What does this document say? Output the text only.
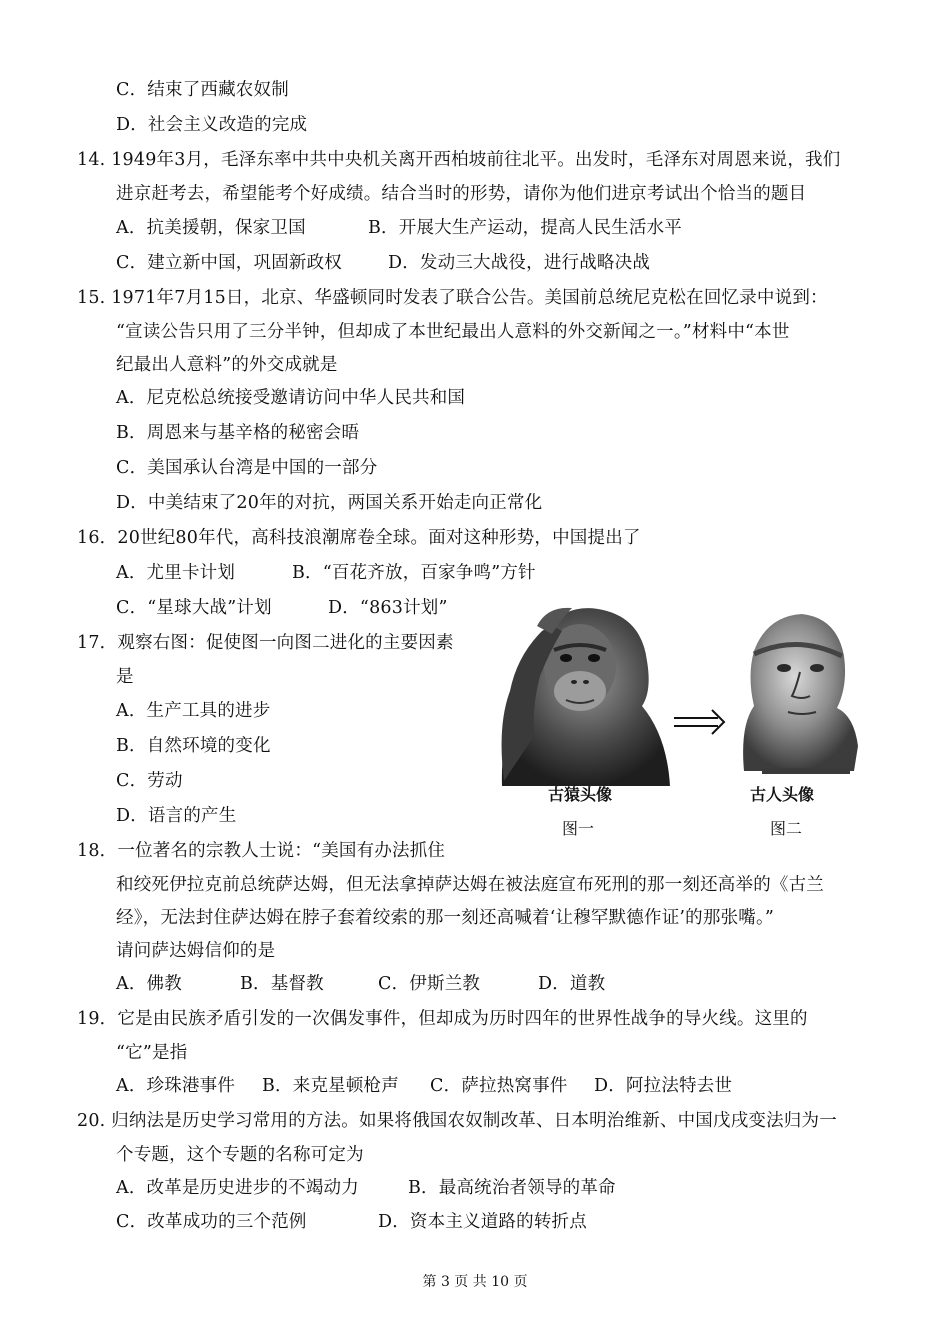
C．结束了西藏农奴制
D．社会主义改造的完成
14. 1949年3月，毛泽东率中共中央机关离开西柏坡前往北平。出发时，毛泽东对周恩来说，我们
进京赶考去，希望能考个好成绩。结合当时的形势，请你为他们进京考试出个恰当的题目
A．抗美援朝，保家卫国	B．开展大生产运动，提高人民生活水平
C．建立新中国，巩固新政权	D．发动三大战役，进行战略决战
15. 1971年7月15日，北京、华盛顿同时发表了联合公告。美国前总统尼克松在回忆录中说到：
“宣读公告只用了三分半钟，但却成了本世纪最出人意料的外交新闻之一。”材料中“本世
纪最出人意料”的外交成就是
A．尼克松总统接受邀请访问中华人民共和国
B．周恩来与基辛格的秘密会晤
C．美国承认台湾是中国的一部分
D．中美结束了20年的对抗，两国关系开始走向正常化
16．20世纪80年代，高科技浪潮席卷全球。面对这种形势，中国提出了
A．尤里卡计划	B．“百花齐放，百家争鸣”方针
C．“星球大战”计划	D．“863计划”
17．观察右图：促使图一向图二进化的主要因素
是
A．生产工具的进步
B．自然环境的变化
C．劳动
D．语言的产生
古猿头像	古人头像
图一	图二
18．一位著名的宗教人士说：“美国有办法抓住
和绞死伊拉克前总统萨达姆，但无法拿掉萨达姆在被法庭宣布死刑的那一刻还高举的《古兰
经》，无法封住萨达姆在脖子套着绞索的那一刻还高喊着‘让穆罕默德作证’的那张嘴。”
请问萨达姆信仰的是
A．佛教	B．基督教	C．伊斯兰教	D．道教
19．它是由民族矛盾引发的一次偶发事件，但却成为历时四年的世界性战争的导火线。这里的
“它”是指
A．珍珠港事件 B．来克星顿枪声 C．萨拉热窝事件 D．阿拉法特去世
20. 归纳法是历史学习常用的方法。如果将俄国农奴制改革、日本明治维新、中国戊戌变法归为一
个专题，这个专题的名称可定为
A．改革是历史进步的不竭动力	B．最高统治者领导的革命
C．改革成功的三个范例	D．资本主义道路的转折点
第 3 页 共 10 页
